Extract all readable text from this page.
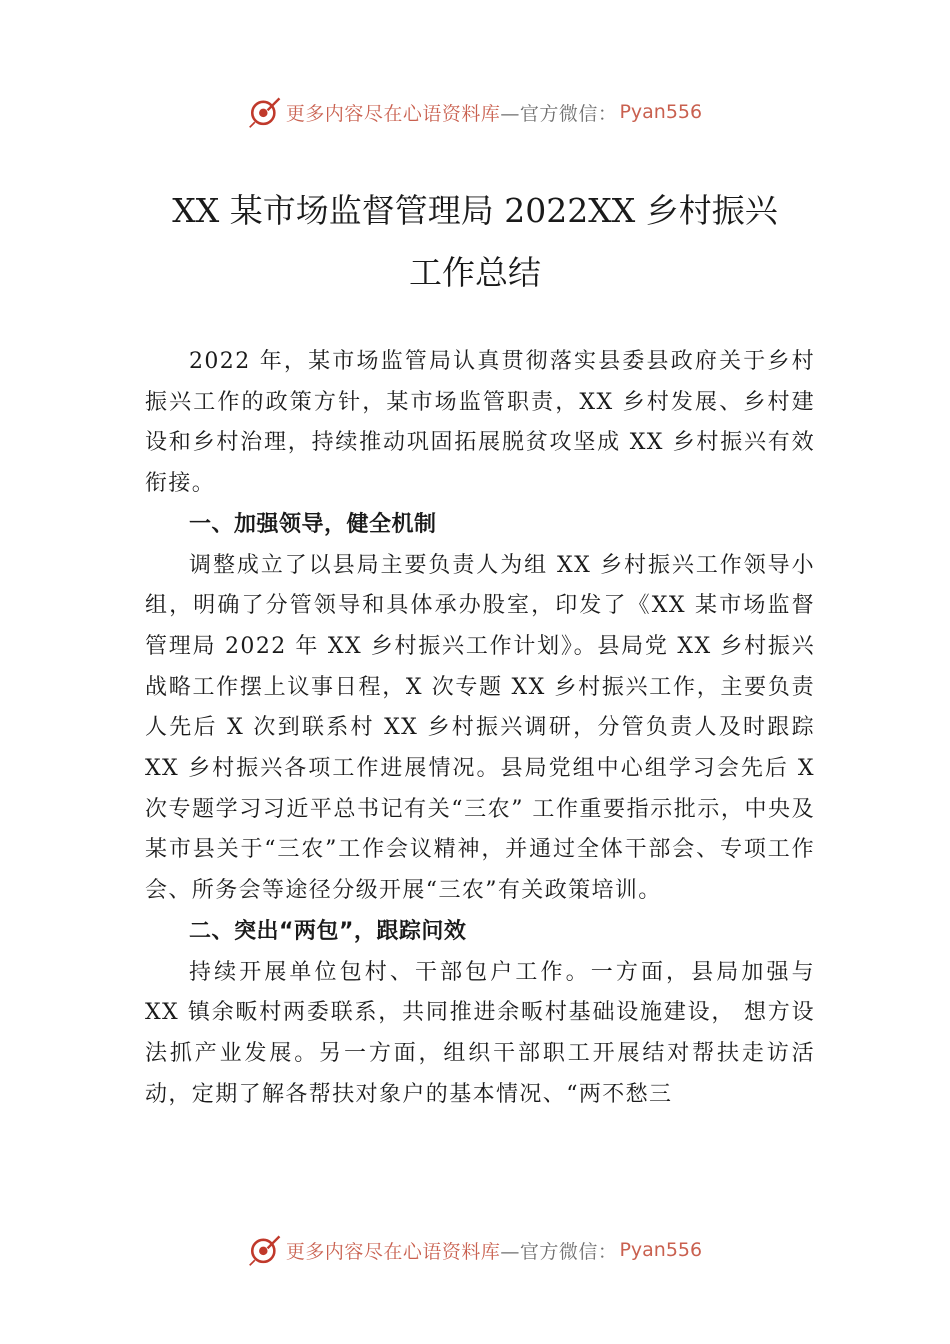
更多内容尽在心语资料库 —官方微信： Pyan556
XX 某市场监督管理局 2022XX 乡村振兴
工作总结

2022 年，某市场监管局认真贯彻落实县委县政府关于乡村振兴工作的政策方针，某市场监管职责，XX 乡村发展、乡村建设和乡村治理，持续推动巩固拓展脱贫攻坚成 XX 乡村振兴有效衔接。

一、加强领导，健全机制

调整成立了以县局主要负责人为组 XX 乡村振兴工作领导小组，明确了分管领导和具体承办股室，印发了《XX 某市场监督管理局 2022 年 XX 乡村振兴工作计划》。县局党 XX 乡村振兴战略工作摆上议事日程，X 次专题 XX 乡村振兴工作，主要负责人先后 X 次到联系村 XX 乡村振兴调研，分管负责人及时跟踪 XX 乡村振兴各项工作进展情况。县局党组中心组学习会先后 X 次专题学习习近平总书记有关“三农” 工作重要指示批示，中央及某市县关于“三农”工作会议精神，并通过全体干部会、专项工作会、所务会等途径分级开展“三农”有关政策培训。

二、突出“两包”，跟踪问效

持续开展单位包村、干部包户工作。一方面，县局加强与 XX 镇余畈村两委联系，共同推进余畈村基础设施建设， 想方设法抓产业发展。另一方面，组织干部职工开展结对帮扶走访活动，定期了解各帮扶对象户的基本情况、“两不愁三

更多内容尽在心语资料库 —官方微信： Pyan556
